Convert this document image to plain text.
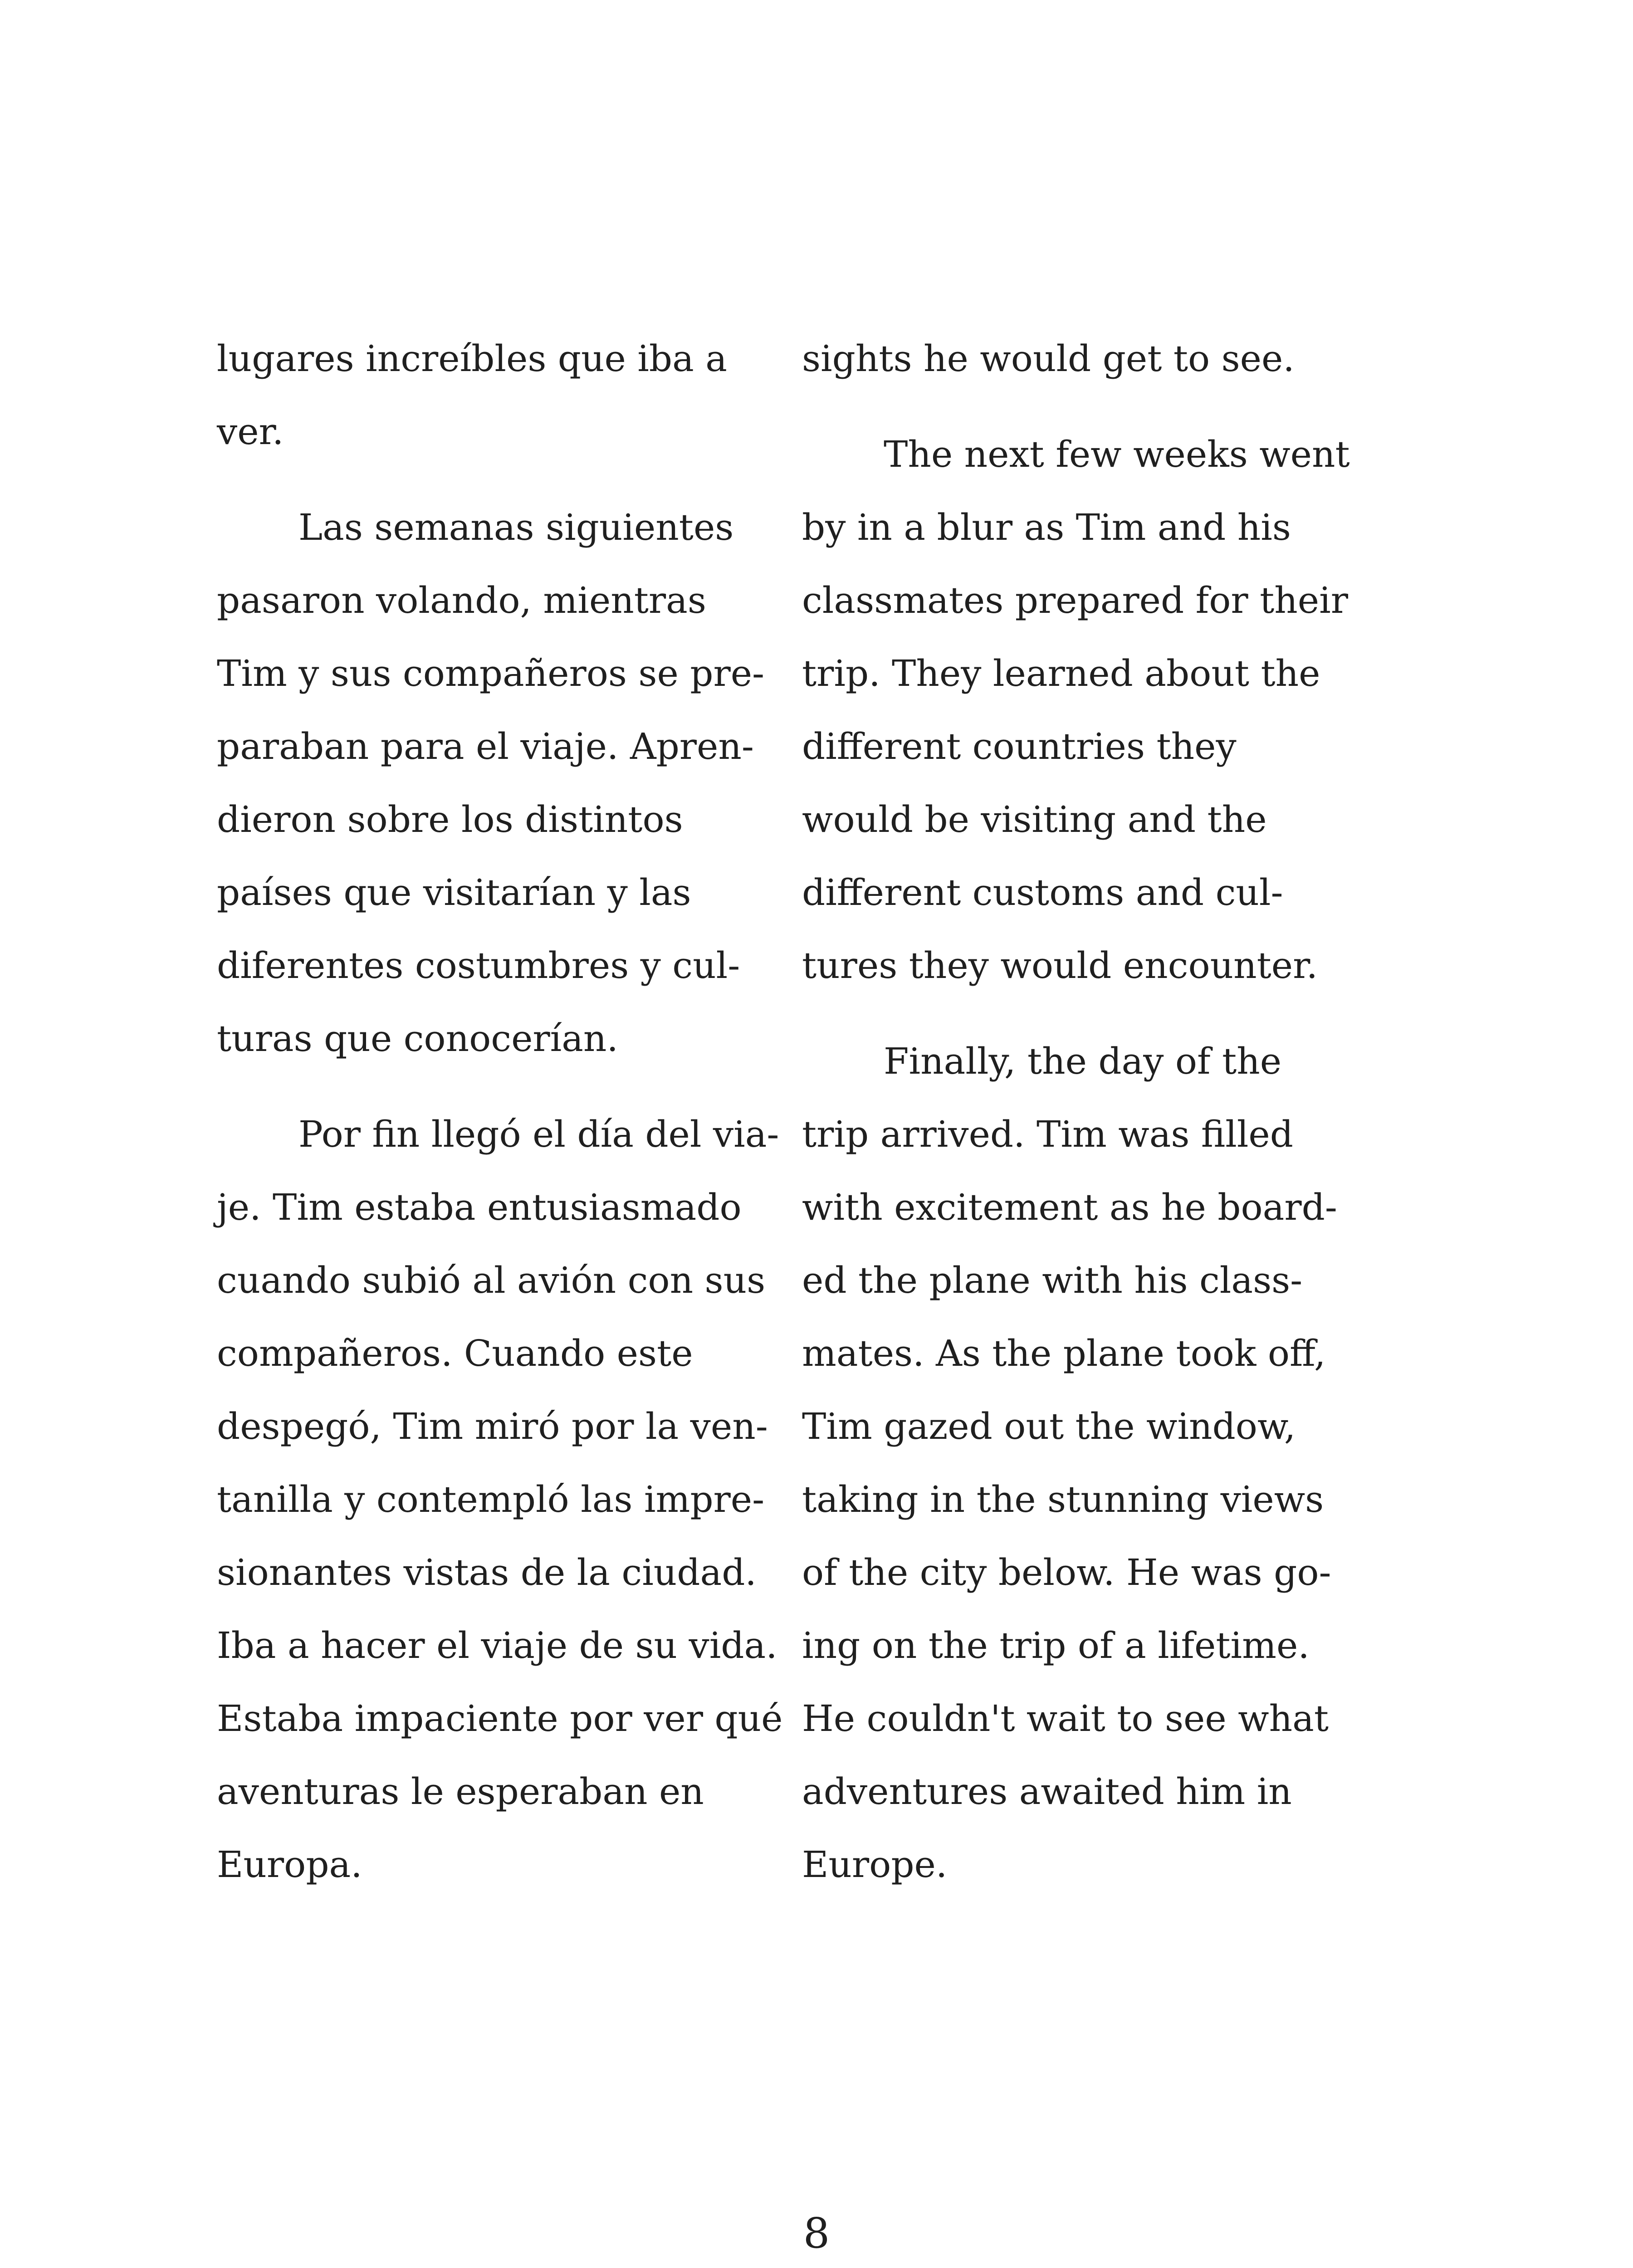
lugares increíbles que iba a
ver.
Las semanas siguientes
pasaron volando, mientras
Tim y sus compañeros se pre-
paraban para el viaje. Apren-
dieron sobre los distintos
países que visitarían y las
diferentes costumbres y cul-
turas que conocerían.
Por fin llegó el día del via-
je. Tim estaba entusiasmado
cuando subió al avión con sus
compañeros. Cuando este
despegó, Tim miró por la ven-
tanilla y contempló las impre-
sionantes vistas de la ciudad.
Iba a hacer el viaje de su vida.
Estaba impaciente por ver qué
aventuras le esperaban en
Europa.
sights he would get to see.
The next few weeks went
by in a blur as Tim and his
classmates prepared for their
trip. They learned about the
different countries they
would be visiting and the
different customs and cul-
tures they would encounter.
Finally, the day of the
trip arrived. Tim was filled
with excitement as he board-
ed the plane with his class-
mates. As the plane took off,
Tim gazed out the window,
taking in the stunning views
of the city below. He was go-
ing on the trip of a lifetime.
He couldn't wait to see what
adventures awaited him in
Europe.
8
